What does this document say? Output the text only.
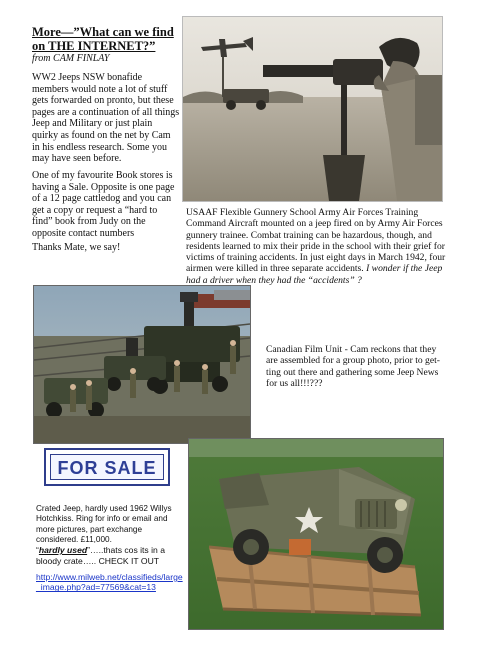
More—”What can we find on THE INTERNET?”
from CAM FINLAY

WW2 Jeeps NSW bonafide members would note a lot of stuff gets forwarded on pronto, but these pages are a continuation of all things Jeep and Military or just plain quirky as found on the net by Cam in his endless research. Some you may have seen before.

One of my favourite Book stores is having a Sale. Opposite is one page of a 12 page cattledog and you can get a copy or request a “hard to find” book from Judy on the opposite contact numbers

Thanks Mate, we say!

USAAF Flexible Gunnery School Army Air Forces Training Command Aircraft mounted on a jeep fired on by Army Air Forces gunnery trainee. Combat training can be hazardous, though, and residents learned to mix their pride in the school with their grief for victims of training accidents. In just eight days in March 1942, four airmen were killed in three separate accidents. I wonder if the Jeep had a driver when they had the “accidents” ?
Canadian Film Unit - Cam reckons that they are assembled for a group photo, prior to get-ting out there and gathering some Jeep News for us all!!!???
FOR SALE
Crated Jeep, hardly used 1962 Willys Hotchkiss. Ring for info or email and more pictures, part exchange considered. £11,000.
“hardly used”…..thats cos its in a bloody crate….. CHECK IT OUT
http://www.milweb.net/classifieds/large_image.php?ad=77569&cat=13
